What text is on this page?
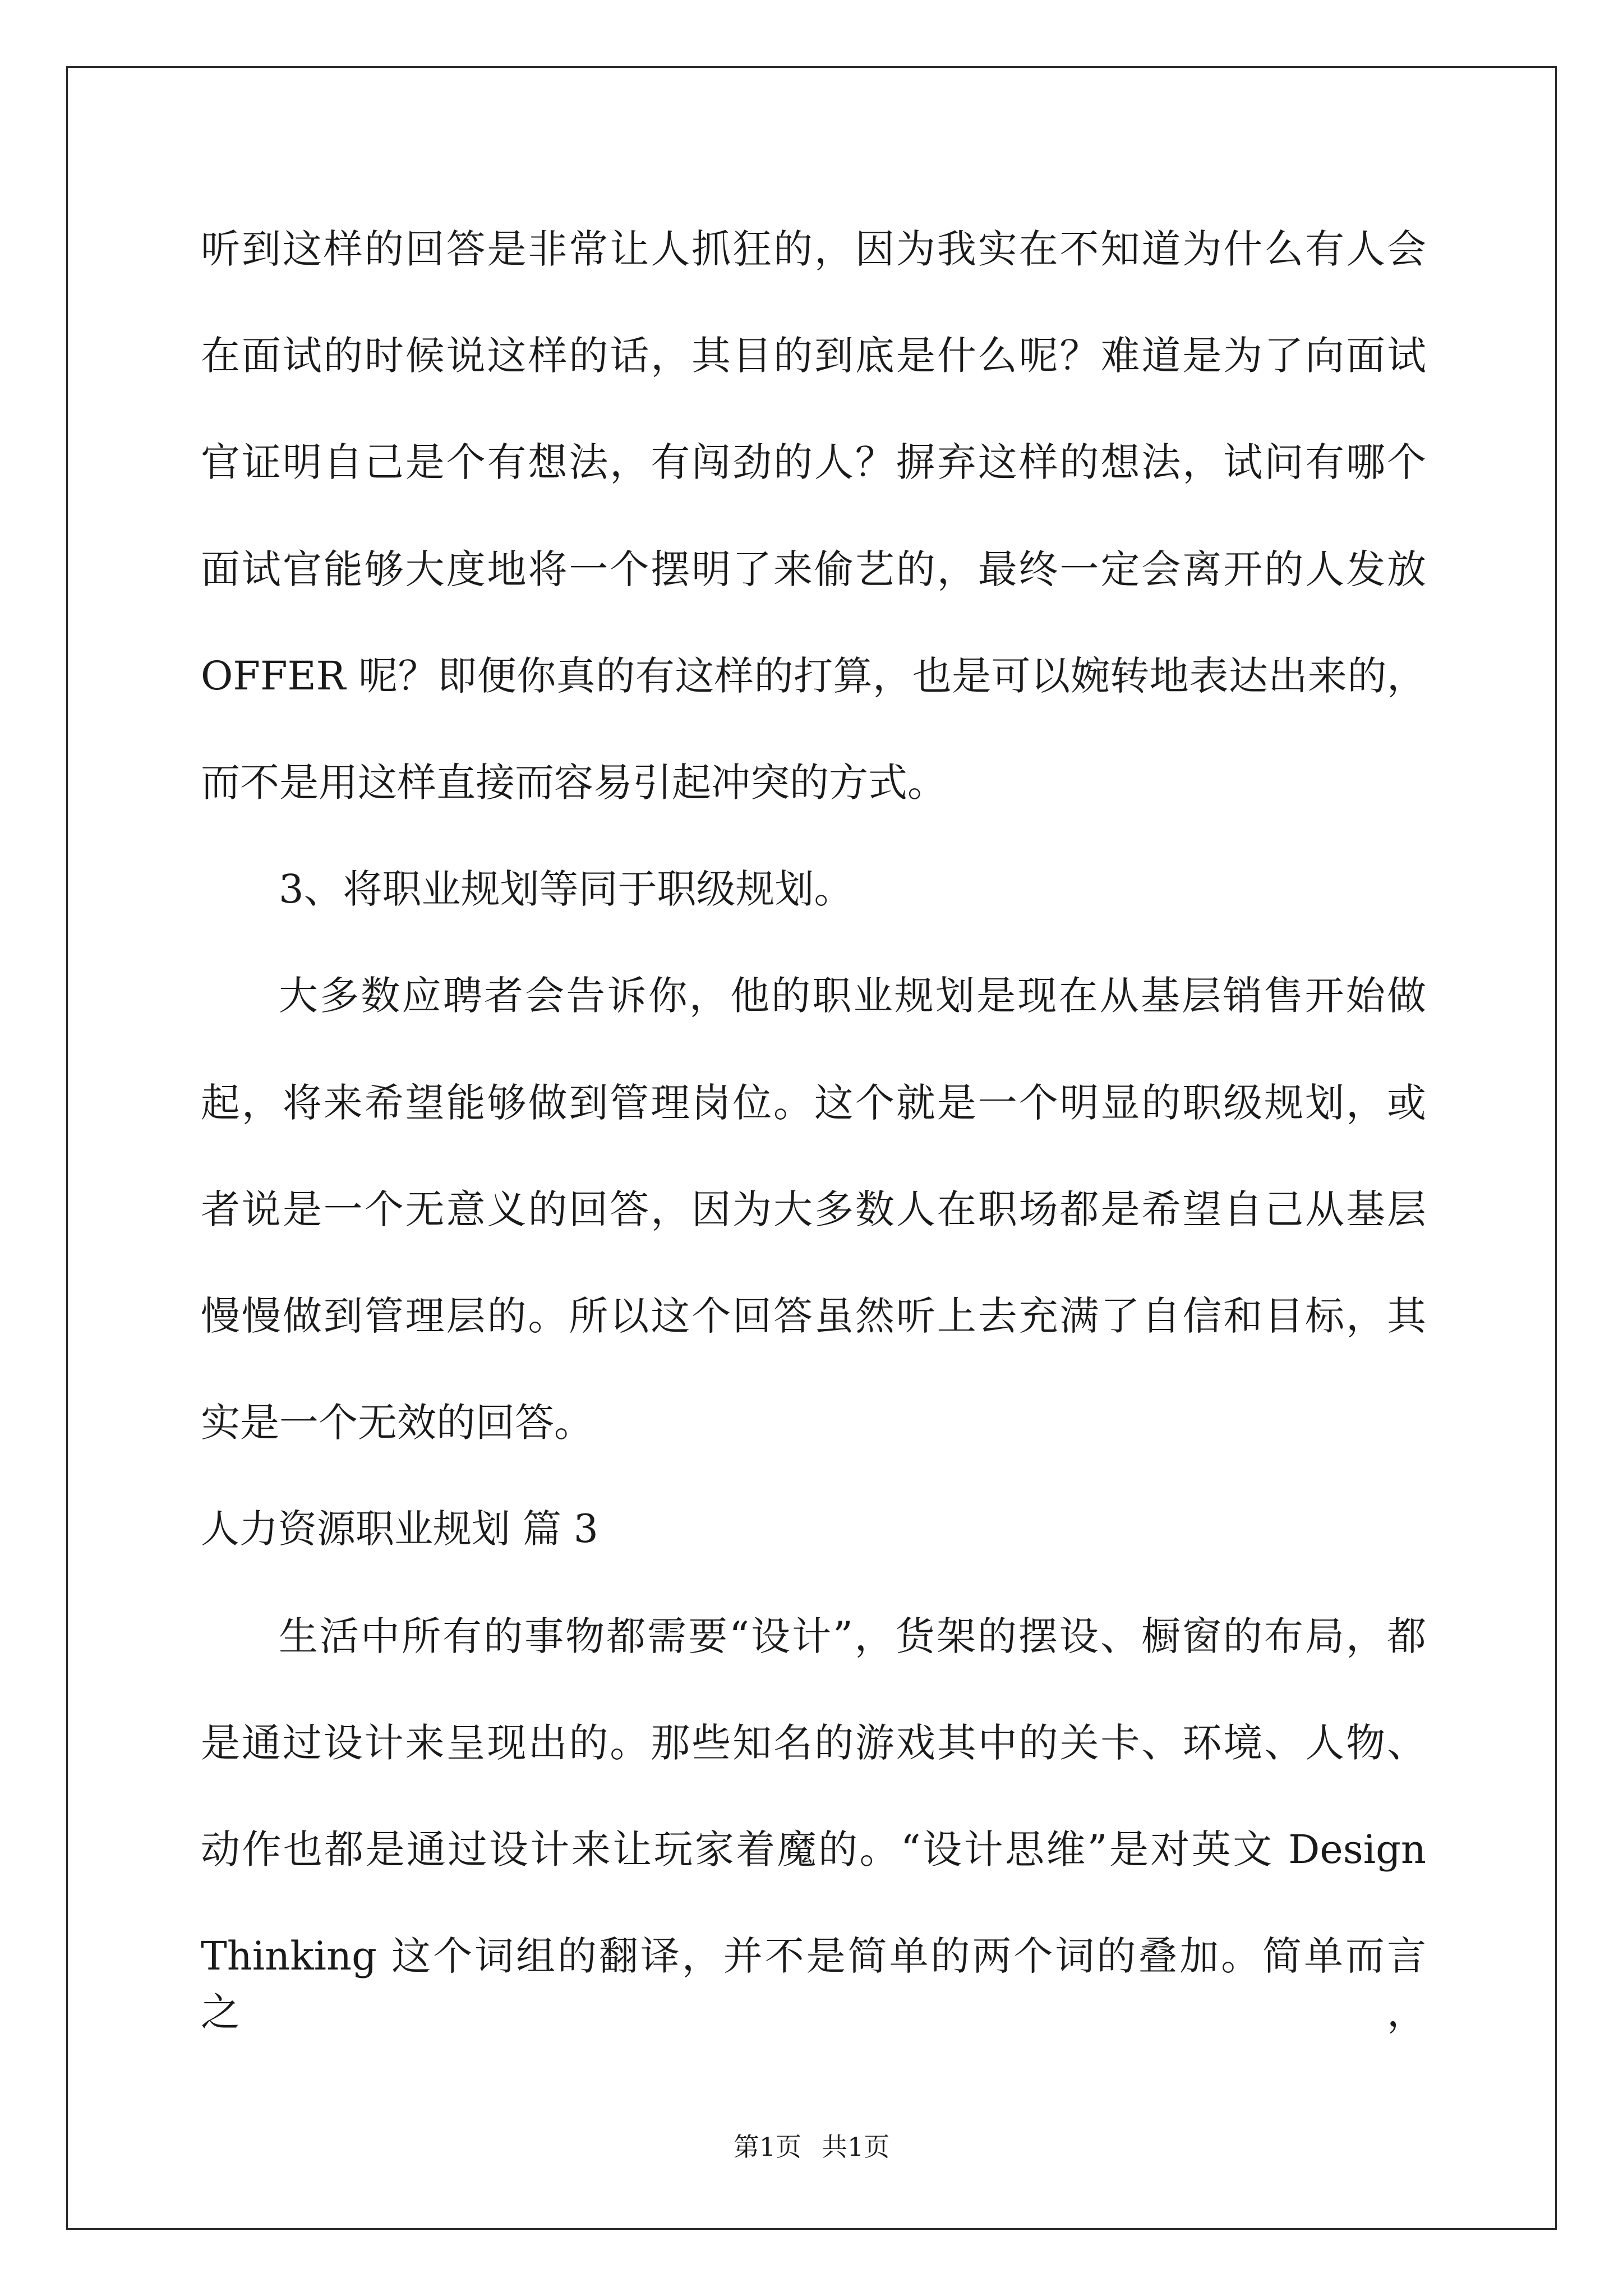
听到这样的回答是非常让人抓狂的，因为我实在不知道为什么有人会
在面试的时候说这样的话，其目的到底是什么呢？难道是为了向面试
官证明自己是个有想法，有闯劲的人？摒弃这样的想法，试问有哪个
面试官能够大度地将一个摆明了来偷艺的，最终一定会离开的人发放
OFFER 呢？即便你真的有这样的打算，也是可以婉转地表达出来的，
而不是用这样直接而容易引起冲突的方式。
3、将职业规划等同于职级规划。
大多数应聘者会告诉你，他的职业规划是现在从基层销售开始做
起，将来希望能够做到管理岗位。这个就是一个明显的职级规划，或
者说是一个无意义的回答，因为大多数人在职场都是希望自己从基层
慢慢做到管理层的。所以这个回答虽然听上去充满了自信和目标，其
实是一个无效的回答。
人力资源职业规划 篇 3
生活中所有的事物都需要“设计”，货架的摆设、橱窗的布局，都
是通过设计来呈现出的。那些知名的游戏其中的关卡、环境、人物、
动作也都是通过设计来让玩家着魔的。“设计思维”是对英文 Design
Thinking 这个词组的翻译，并不是简单的两个词的叠加。简单而言之，
第1页 共1页
